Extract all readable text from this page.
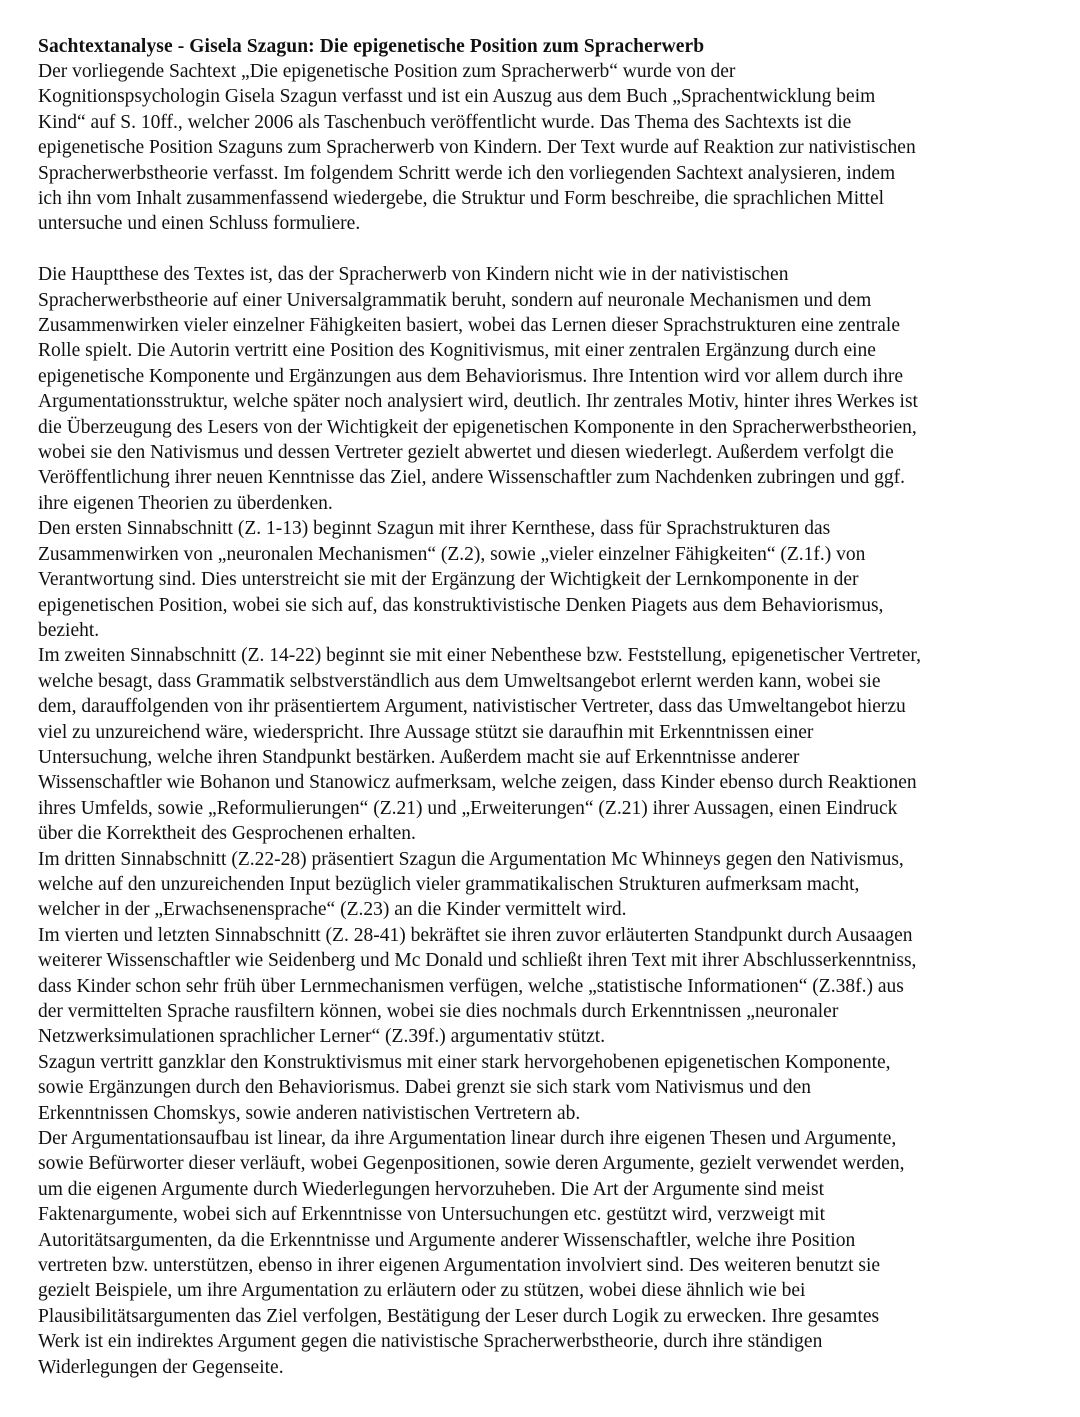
Sachtextanalyse - Gisela Szagun: Die epigenetische Position zum Spracherwerb
Der vorliegende Sachtext „Die epigenetische Position zum Spracherwerb“ wurde von der
Kognitionspsychologin Gisela Szagun verfasst und ist ein Auszug aus dem Buch „Sprachentwicklung beim
Kind“ auf S. 10ff., welcher 2006 als Taschenbuch veröffentlicht wurde. Das Thema des Sachtexts ist die
epigenetische Position Szaguns zum Spracherwerb von Kindern. Der Text wurde auf Reaktion zur nativistischen
Spracherwerbstheorie verfasst. Im folgendem Schritt werde ich den vorliegenden Sachtext analysieren, indem
ich ihn vom Inhalt zusammenfassend wiedergebe, die Struktur und Form beschreibe, die sprachlichen Mittel
untersuche und einen Schluss formuliere.
Die Hauptthese des Textes ist, das der Spracherwerb von Kindern nicht wie in der nativistischen
Spracherwerbstheorie auf einer Universalgrammatik beruht, sondern auf neuronale Mechanismen und dem
Zusammenwirken vieler einzelner Fähigkeiten basiert, wobei das Lernen dieser Sprachstrukturen eine zentrale
Rolle spielt. Die Autorin vertritt eine Position des Kognitivismus, mit einer zentralen Ergänzung durch eine
epigenetische Komponente und Ergänzungen aus dem Behaviorismus. Ihre Intention wird vor allem durch ihre
Argumentationsstruktur, welche später noch analysiert wird, deutlich. Ihr zentrales Motiv, hinter ihres Werkes ist
die Überzeugung des Lesers von der Wichtigkeit der epigenetischen Komponente in den Spracherwerbstheorien,
wobei sie den Nativismus und dessen Vertreter gezielt abwertet und diesen wiederlegt. Außerdem verfolgt die
Veröffentlichung ihrer neuen Kenntnisse das Ziel, andere Wissenschaftler zum Nachdenken zubringen und ggf.
ihre eigenen Theorien zu überdenken.
Den ersten Sinnabschnitt (Z. 1-13) beginnt Szagun mit ihrer Kernthese, dass für Sprachstrukturen das
Zusammenwirken von „neuronalen Mechanismen“ (Z.2), sowie „vieler einzelner Fähigkeiten“ (Z.1f.) von
Verantwortung sind. Dies unterstreicht sie mit der Ergänzung der Wichtigkeit der Lernkomponente in der
epigenetischen Position, wobei sie sich auf, das konstruktivistische Denken Piagets aus dem Behaviorismus,
bezieht.
Im zweiten Sinnabschnitt (Z. 14-22) beginnt sie mit einer Nebenthese bzw. Feststellung, epigenetischer Vertreter,
welche besagt, dass Grammatik selbstverständlich aus dem Umweltsangebot erlernt werden kann, wobei sie
dem, darauffolgenden von ihr präsentiertem Argument, nativistischer Vertreter, dass das Umweltangebot hierzu
viel zu unzureichend wäre, wiederspricht. Ihre Aussage stützt sie daraufhin mit Erkenntnissen einer
Untersuchung, welche ihren Standpunkt bestärken. Außerdem macht sie auf Erkenntnisse anderer
Wissenschaftler wie Bohanon und Stanowicz aufmerksam, welche zeigen, dass Kinder ebenso durch Reaktionen
ihres Umfelds, sowie „Reformulierungen“ (Z.21) und „Erweiterungen“ (Z.21) ihrer Aussagen, einen Eindruck
über die Korrektheit des Gesprochenen erhalten.
Im dritten Sinnabschnitt (Z.22-28) präsentiert Szagun die Argumentation Mc Whinneys gegen den Nativismus,
welche auf den unzureichenden Input bezüglich vieler grammatikalischen Strukturen aufmerksam macht,
welcher in der „Erwachsenensprache“ (Z.23) an die Kinder vermittelt wird.
Im vierten und letzten Sinnabschnitt (Z. 28-41) bekräftet sie ihren zuvor erläuterten Standpunkt durch Ausaagen
weiterer Wissenschaftler wie Seidenberg und Mc Donald und schließt ihren Text mit ihrer Abschlusserkenntniss,
dass Kinder schon sehr früh über Lernmechanismen verfügen, welche „statistische Informationen“ (Z.38f.) aus
der vermittelten Sprache rausfiltern können, wobei sie dies nochmals durch Erkenntnissen „neuronaler
Netzwerksimulationen sprachlicher Lerner“ (Z.39f.) argumentativ stützt.
Szagun vertritt ganzklar den Konstruktivismus mit einer stark hervorgehobenen epigenetischen Komponente,
sowie Ergänzungen durch den Behaviorismus. Dabei grenzt sie sich stark vom Nativismus und den
Erkenntnissen Chomskys, sowie anderen nativistischen Vertretern ab.
Der Argumentationsaufbau ist linear, da ihre Argumentation linear durch ihre eigenen Thesen und Argumente,
sowie Befürworter dieser verläuft, wobei Gegenpositionen, sowie deren Argumente, gezielt verwendet werden,
um die eigenen Argumente durch Wiederlegungen hervorzuheben. Die Art der Argumente sind meist
Faktenargumente, wobei sich auf Erkenntnisse von Untersuchungen etc. gestützt wird, verzweigt mit
Autoritätsargumenten, da die Erkenntnisse und Argumente anderer Wissenschaftler, welche ihre Position
vertreten bzw. unterstützen, ebenso in ihrer eigenen Argumentation involviert sind. Des weiteren benutzt sie
gezielt Beispiele, um ihre Argumentation zu erläutern oder zu stützen, wobei diese ähnlich wie bei
Plausibilitätsargumenten das Ziel verfolgen, Bestätigung der Leser durch Logik zu erwecken. Ihre gesamtes
Werk ist ein indirektes Argument gegen die nativistische Spracherwerbstheorie, durch ihre ständigen
Widerlegungen der Gegenseite.
